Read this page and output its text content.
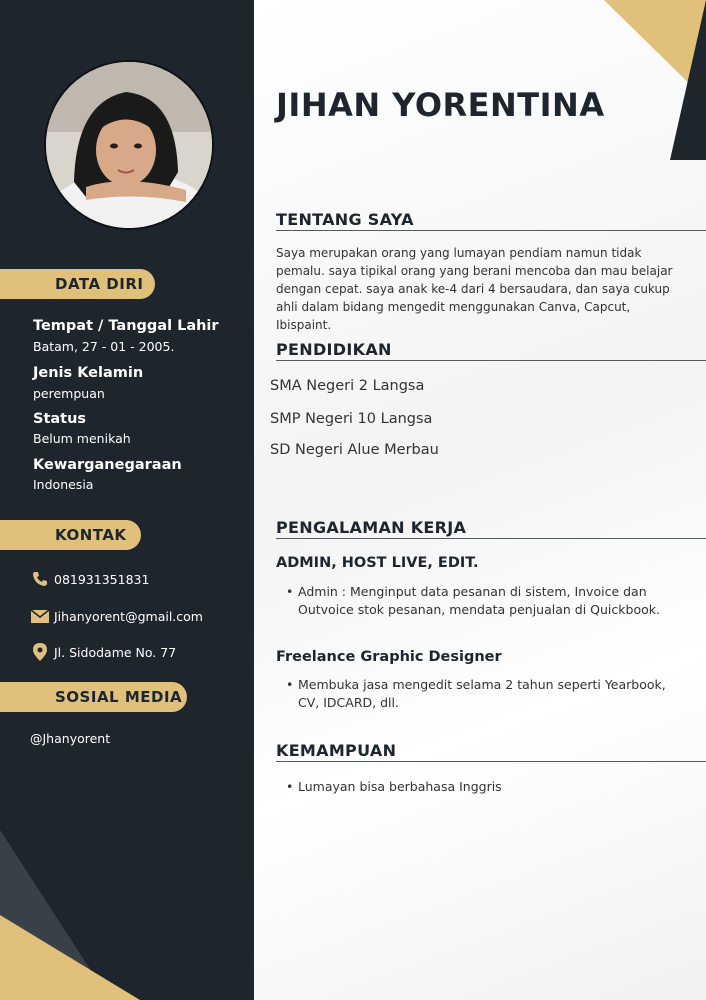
DATA DIRI
Tempat / Tanggal Lahir
Batam, 27 - 01 - 2005.
Jenis Kelamin
perempuan
Status
Belum menikah
Kewarganegaraan
Indonesia
KONTAK
081931351831
Jihanyorent@gmail.com
Jl. Sidodame No. 77
SOSIAL MEDIA
@Jhanyorent
JIHAN YORENTINA
TENTANG SAYA
Saya merupakan orang yang lumayan pendiam namun tidak pemalu. saya tipikal orang yang berani mencoba dan mau belajar dengan cepat. saya anak ke-4 dari 4 bersaudara, dan saya cukup ahli dalam bidang mengedit menggunakan Canva, Capcut, Ibispaint.
PENDIDIKAN
SMA Negeri 2 Langsa
SMP Negeri 10 Langsa
SD Negeri Alue Merbau
PENGALAMAN KERJA
ADMIN, HOST LIVE, EDIT.
• Admin : Menginput data pesanan di sistem, Invoice dan Outvoice stok pesanan, mendata penjualan di Quickbook.
Freelance Graphic Designer
• Membuka jasa mengedit selama 2 tahun seperti Yearbook, CV, IDCARD, dll.
KEMAMPUAN
• Lumayan bisa berbahasa Inggris
